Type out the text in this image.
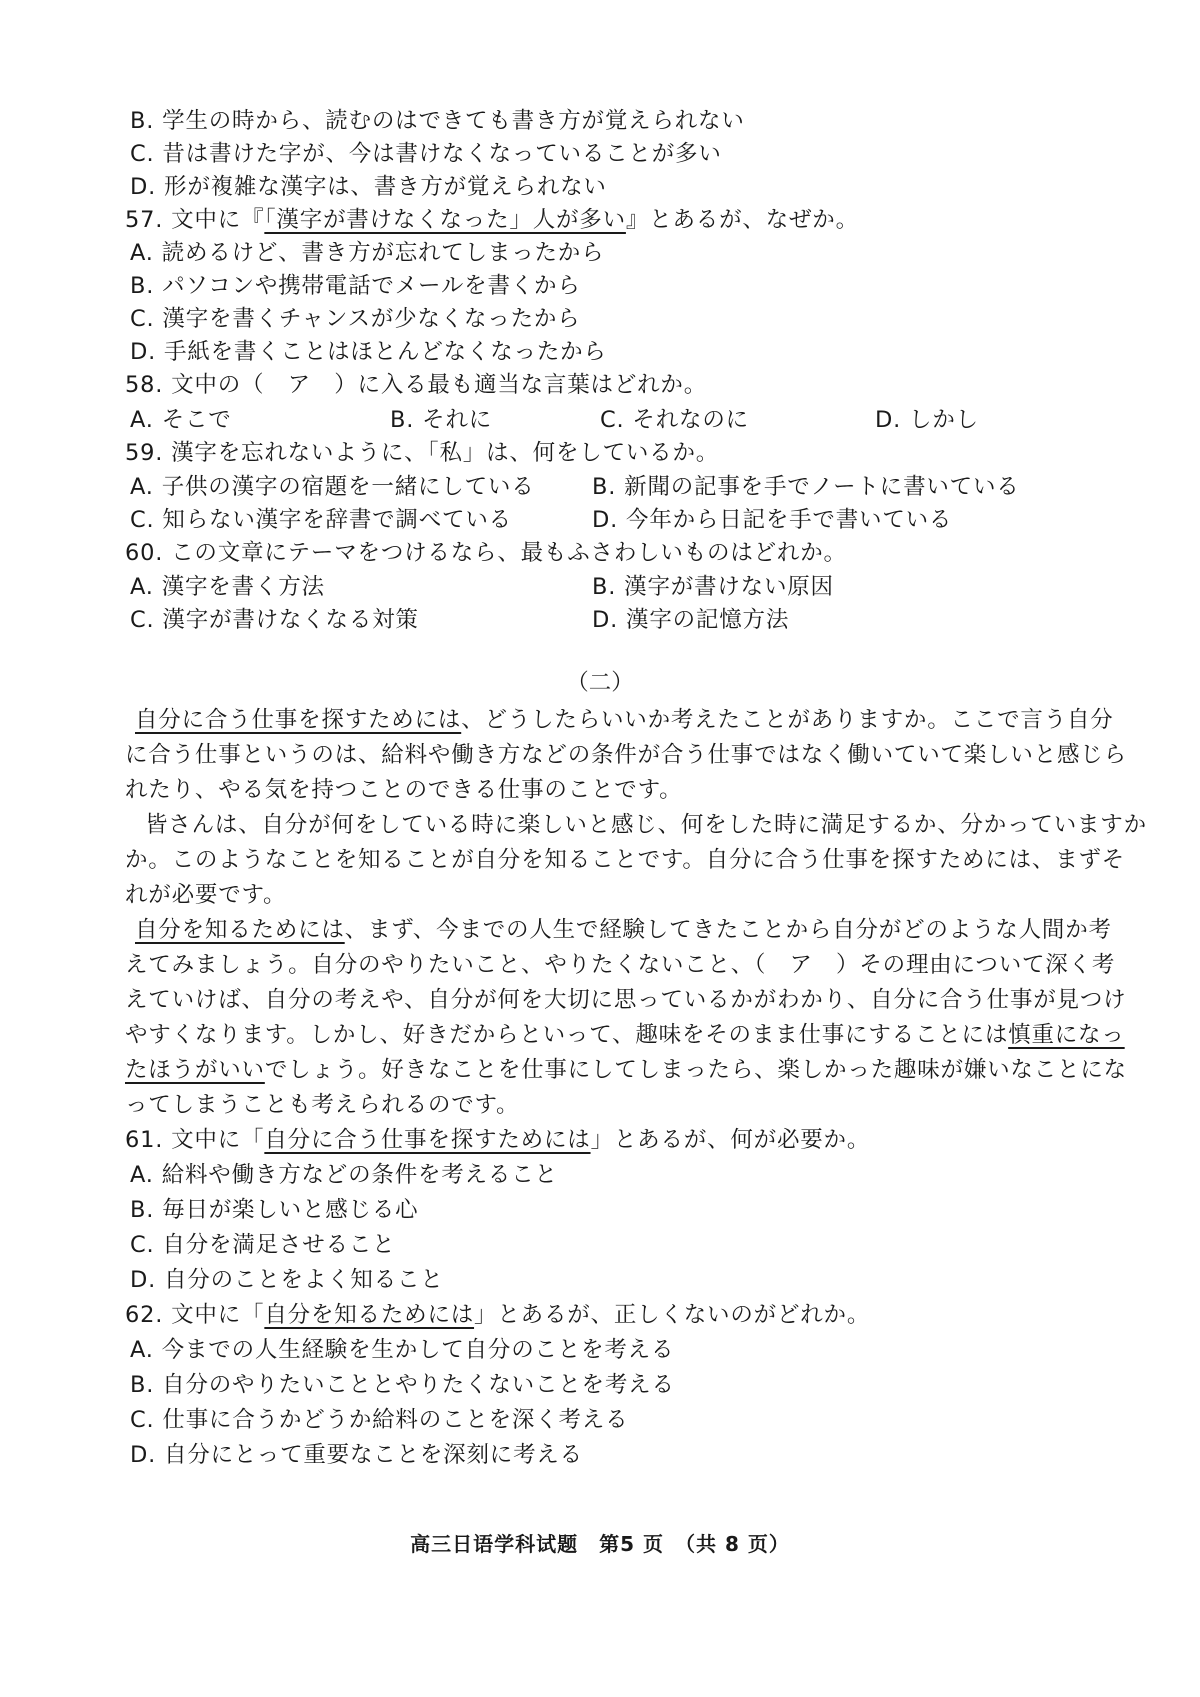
B. 学生の時から、読むのはできても書き方が覚えられない
C. 昔は書けた字が、今は書けなくなっていることが多い
D. 形が複雑な漢字は、書き方が覚えられない
57. 文中に『「漢字が書けなくなった」人が多い』とあるが、なぜか。
A. 読めるけど、書き方が忘れてしまったから
B. パソコンや携帯電話でメールを書くから
C. 漢字を書くチャンスが少なくなったから
D. 手紙を書くことはほとんどなくなったから
58. 文中の（　ア　）に入る最も適当な言葉はどれか。
A. そこで	B. それに	C. それなのに	D. しかし
59. 漢字を忘れないように、「私」は、何をしているか。
A. 子供の漢字の宿題を一緒にしている	B. 新聞の記事を手でノートに書いている
C. 知らない漢字を辞書で調べている	D. 今年から日記を手で書いている
60. この文章にテーマをつけるなら、最もふさわしいものはどれか。
A. 漢字を書く方法	B. 漢字が書けない原因
C. 漢字が書けなくなる対策	D. 漢字の記憶方法
（二）
自分に合う仕事を探すためには、どうしたらいいか考えたことがありますか。ここで言う自分
に合う仕事というのは、給料や働き方などの条件が合う仕事ではなく働いていて楽しいと感じら
れたり、やる気を持つことのできる仕事のことです。
皆さんは、自分が何をしている時に楽しいと感じ、何をした時に満足するか、分かっていますか
か。このようなことを知ることが自分を知ることです。自分に合う仕事を探すためには、まずそ
れが必要です。
自分を知るためには、まず、今までの人生で経験してきたことから自分がどのような人間か考
えてみましょう。自分のやりたいこと、やりたくないこと、（　ア　）その理由について深く考
えていけば、自分の考えや、自分が何を大切に思っているかがわかり、自分に合う仕事が見つけ
やすくなります。しかし、好きだからといって、趣味をそのまま仕事にすることには慎重になっ
たほうがいいでしょう。好きなことを仕事にしてしまったら、楽しかった趣味が嫌いなことにな
ってしまうことも考えられるのです。
61. 文中に「自分に合う仕事を探すためには」とあるが、何が必要か。
A. 給料や働き方などの条件を考えること
B. 毎日が楽しいと感じる心
C. 自分を満足させること
D. 自分のことをよく知ること
62. 文中に「自分を知るためには」とあるが、正しくないのがどれか。
A. 今までの人生経験を生かして自分のことを考える
B. 自分のやりたいこととやりたくないことを考える
C. 仕事に合うかどうか給料のことを深く考える
D. 自分にとって重要なことを深刻に考える
高三日语学科试题　第5 页　（共 8 页）
